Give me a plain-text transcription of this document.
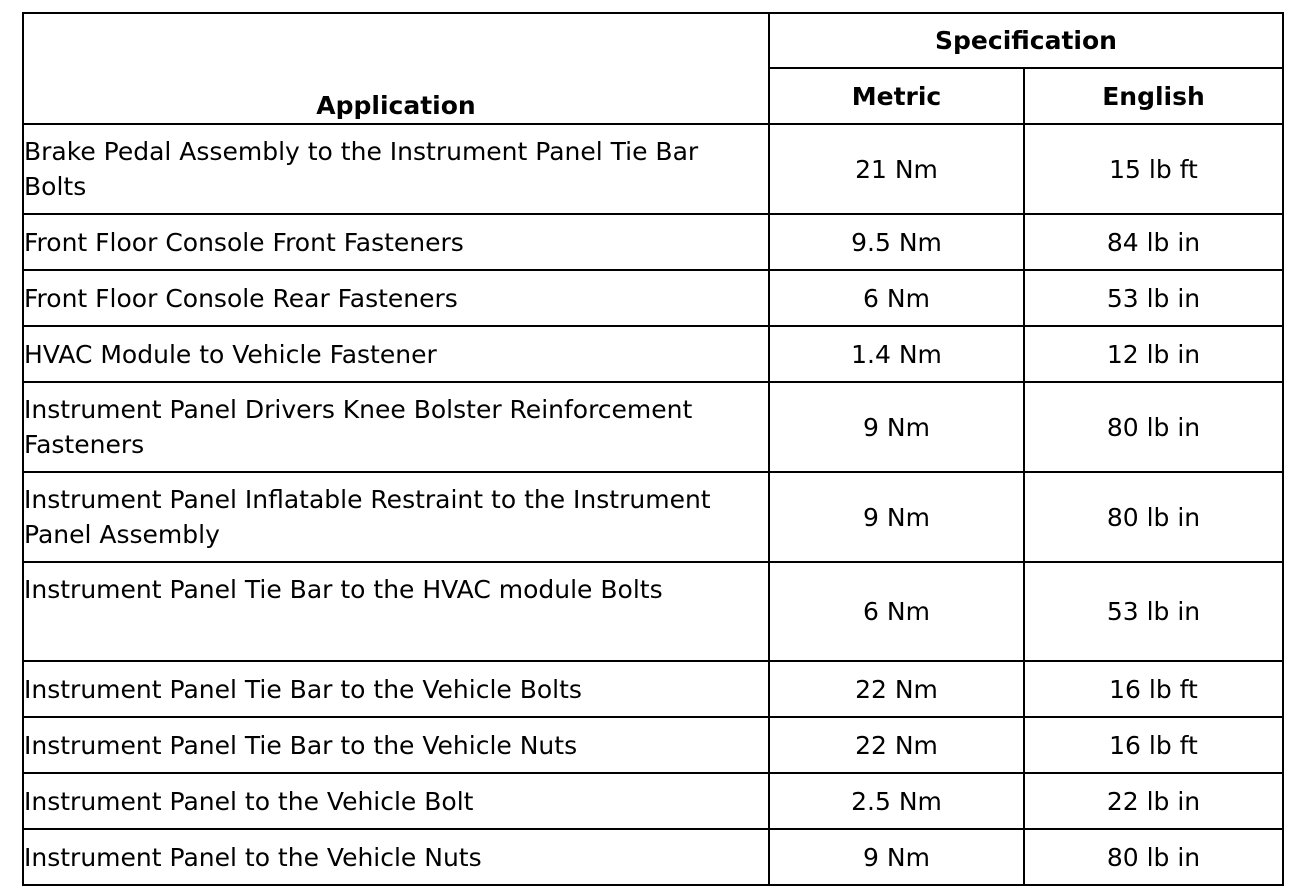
Application	Specification	
	Metric	English
Brake Pedal Assembly to the Instrument Panel Tie Bar Bolts	21 Nm	15 lb ft
Front Floor Console Front Fasteners	9.5 Nm	84 lb in
Front Floor Console Rear Fasteners	6 Nm	53 lb in
HVAC Module to Vehicle Fastener	1.4 Nm	12 lb in
Instrument Panel Drivers Knee Bolster Reinforcement Fasteners	9 Nm	80 lb in
Instrument Panel Inflatable Restraint to the Instrument Panel Assembly	9 Nm	80 lb in
Instrument Panel Tie Bar to the HVAC module Bolts	6 Nm	53 lb in
Instrument Panel Tie Bar to the Vehicle Bolts	22 Nm	16 lb ft
Instrument Panel Tie Bar to the Vehicle Nuts	22 Nm	16 lb ft
Instrument Panel to the Vehicle Bolt	2.5 Nm	22 lb in
Instrument Panel to the Vehicle Nuts	9 Nm	80 lb in
